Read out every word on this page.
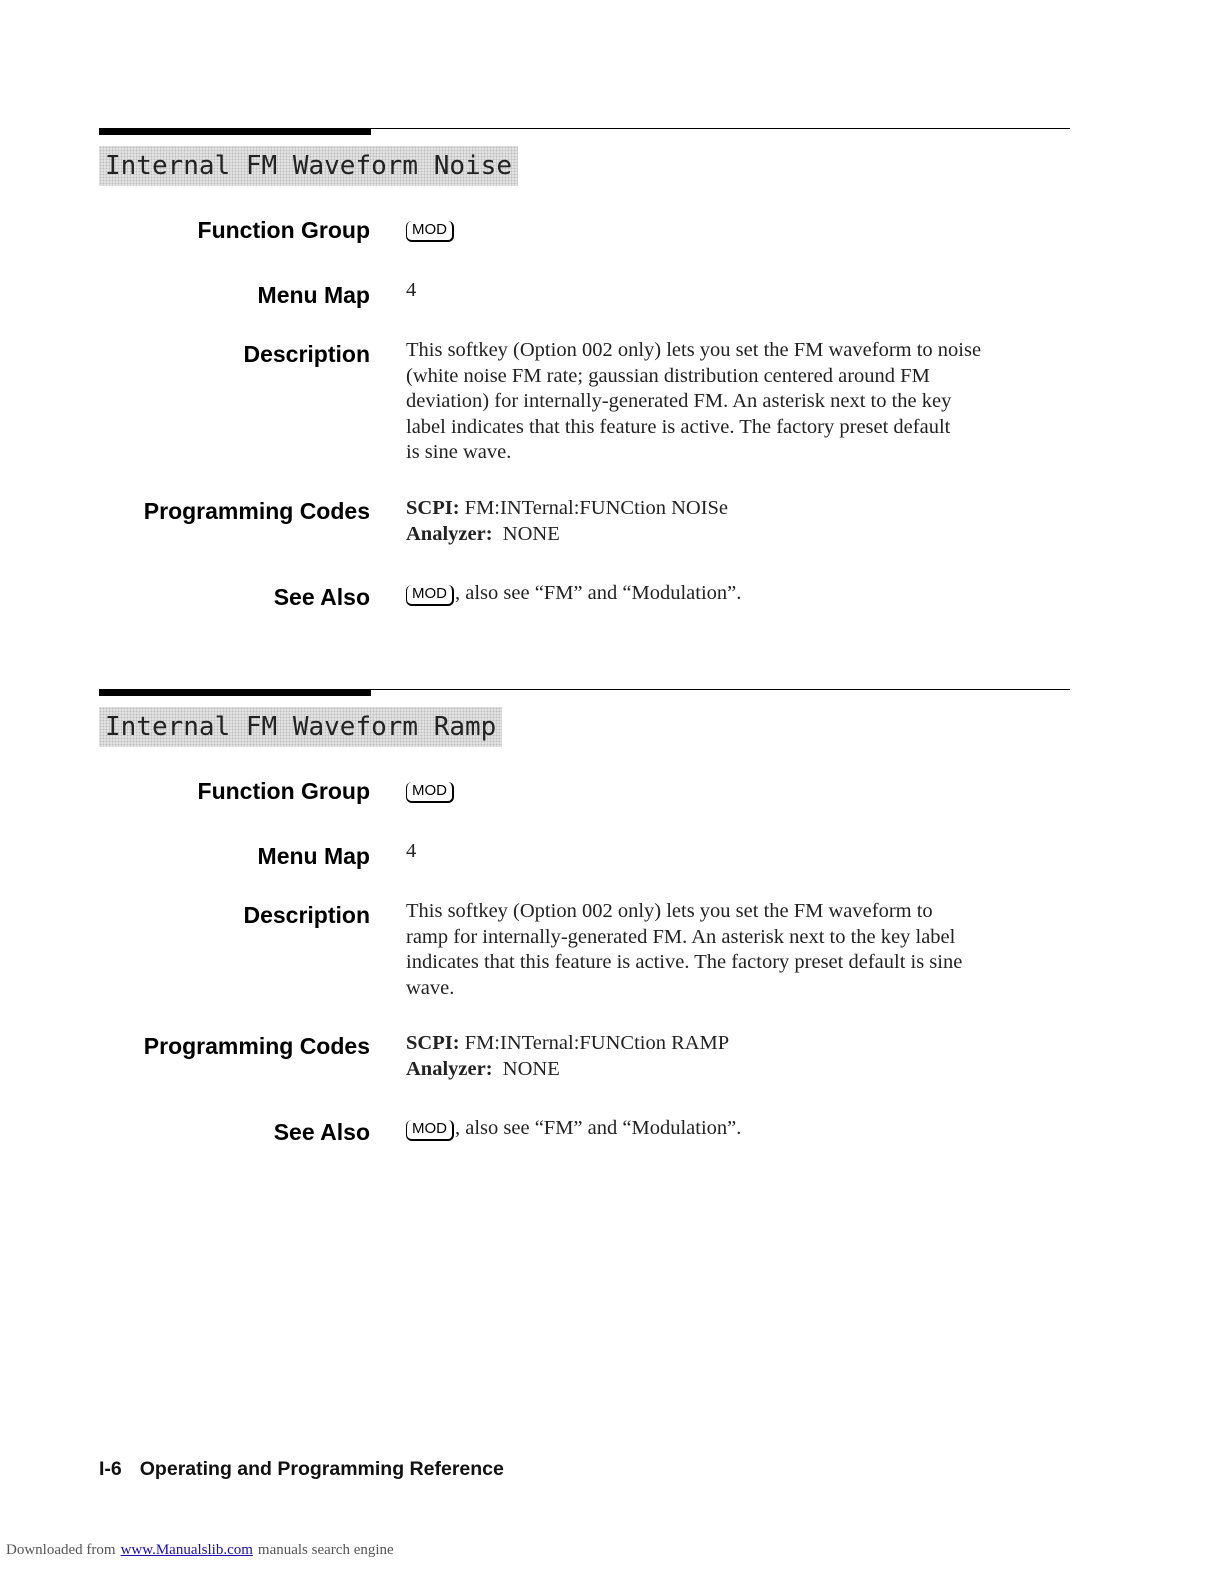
Internal FM Waveform Noise
Function Group	MOD
Menu Map 4
Description This softkey (Option 002 only) lets you set the FM waveform to noise
(white noise FM rate; gaussian distribution centered around FM
deviation) for internally-generated FM. An asterisk next to the key
label indicates that this feature is active. The factory preset default
is sine wave.
Programming Codes SCPI: FM:INTernal:FUNCtion NOISe
Analyzer: NONE
See Also	MOD , also see “FM” and “Modulation”.
Internal FM Waveform Ramp
Function Group	MOD
Menu Map 4
Description This softkey (Option 002 only) lets you set the FM waveform to
ramp for internally-generated FM. An asterisk next to the key label
indicates that this feature is active. The factory preset default is sine
wave.
Programming Codes SCPI: FM:INTernal:FUNCtion RAMP
Analyzer: NONE
See Also	MOD , also see “FM” and “Modulation”.
I-6 Operating and Programming Reference
Downloaded from www.Manualslib.com manuals search engine
